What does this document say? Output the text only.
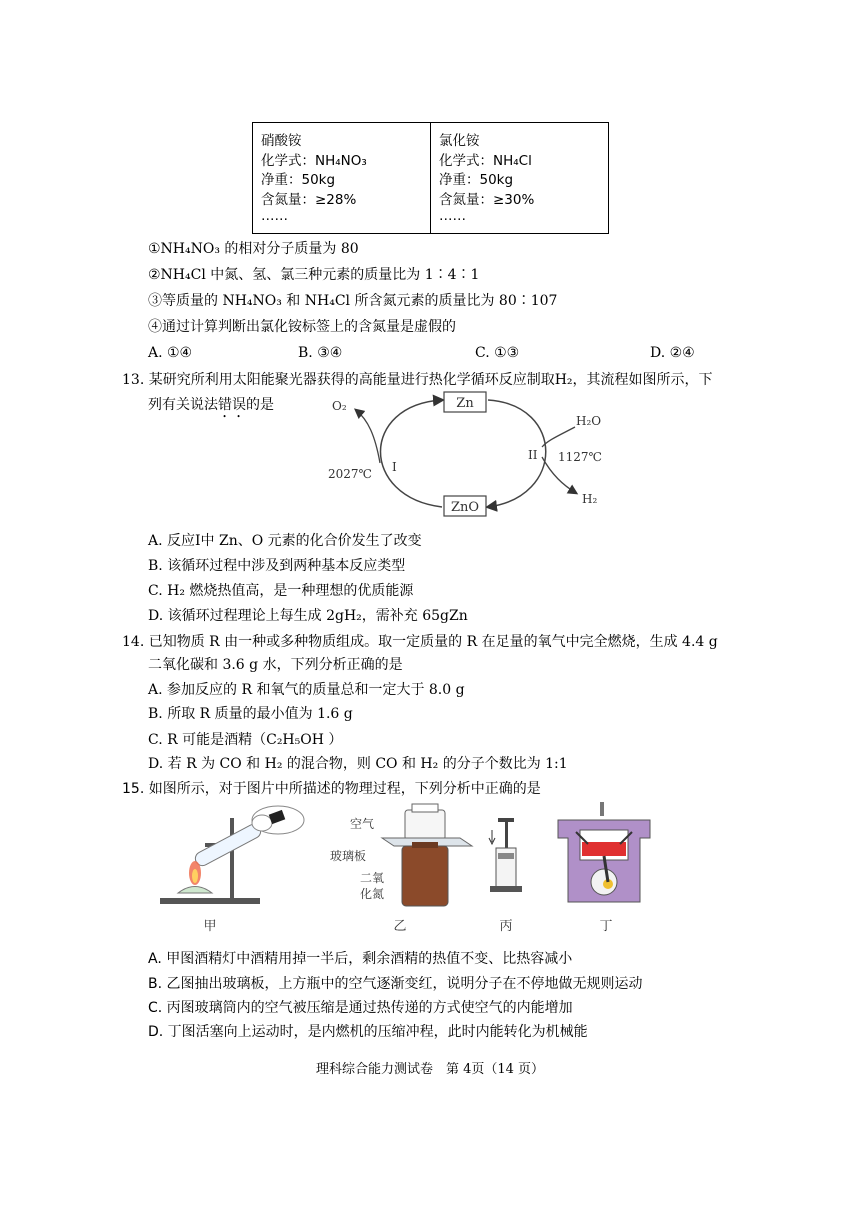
硝酸铵
化学式：NH₄NO₃
净重：50kg
含氮量：≥28%
……

氯化铵
化学式：NH₄Cl
净重：50kg
含氮量：≥30%
……
①NH₄NO₃ 的相对分子质量为 80
②NH₄Cl 中氮、氢、氯三种元素的质量比为 1∶4∶1
③等质量的 NH₄NO₃ 和 NH₄Cl 所含氮元素的质量比为 80∶107
④通过计算判断出氯化铵标签上的含氮量是虚假的
A. ①④	B. ③④	C. ①③	D. ②④
13. 某研究所利用太阳能聚光器获得的高能量进行热化学循环反应制取H₂，其流程如图所示，下
列有关说法错误的是	Zn
ZnO
O₂
H₂O
H₂
2027℃
1127℃
I
II
A. 反应Ⅰ中 Zn、O 元素的化合价发生了改变
B. 该循环过程中涉及到两种基本反应类型
C. H₂ 燃烧热值高，是一种理想的优质能源
D. 该循环过程理论上每生成 2gH₂，需补充 65gZn
14. 已知物质 R 由一种或多种物质组成。取一定质量的 R 在足量的氧气中完全燃烧，生成 4.4 g
二氧化碳和 3.6 g 水，下列分析正确的是
A. 参加反应的 R 和氧气的质量总和一定大于 8.0 g
B. 所取 R 质量的最小值为 1.6 g
C. R 可能是酒精（C₂H₅OH ）
D. 若 R 为 CO 和 H₂ 的混合物，则 CO 和 H₂ 的分子个数比为 1:1
15. 如图所示，对于图片中所描述的物理过程，下列分析中正确的是
甲
空气
玻璃板
二氧
化氮
乙	丙	丁
A. 甲图酒精灯中酒精用掉一半后，剩余酒精的热值不变、比热容减小
B. 乙图抽出玻璃板，上方瓶中的空气逐渐变红，说明分子在不停地做无规则运动
C. 丙图玻璃筒内的空气被压缩是通过热传递的方式使空气的内能增加
D. 丁图活塞向上运动时，是内燃机的压缩冲程，此时内能转化为机械能
理科综合能力测试卷　第 4页（14 页）
